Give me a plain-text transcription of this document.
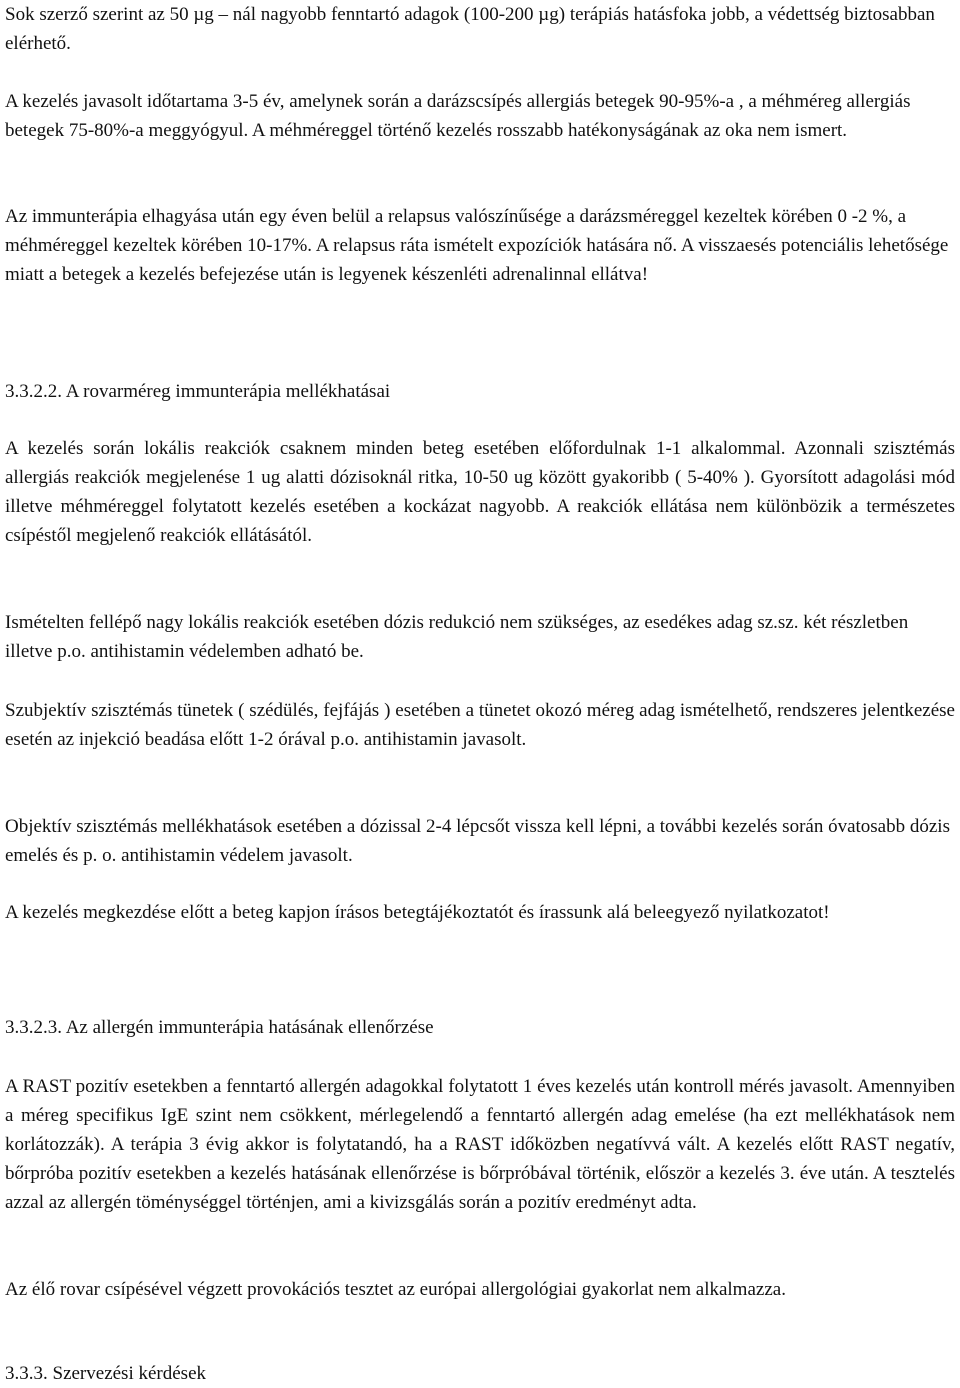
Sok szerző szerint az 50 µg – nál nagyobb fenntartó adagok (100-200 µg) terápiás hatásfoka jobb, a védettség biztosabban elérhető.

A kezelés javasolt időtartama 3-5 év, amelynek során a darázscsípés allergiás betegek 90-95%-a , a méhméreg allergiás betegek 75-80%-a meggyógyul. A méhméreggel történő kezelés rosszabb hatékonyságának az oka nem ismert.

Az immunterápia elhagyása után egy éven belül a relapsus valószínűsége a darázsméreggel kezeltek körében 0 -2 %, a méhméreggel kezeltek körében 10-17%. A relapsus ráta ismételt expozíciók hatására nő. A visszaesés potenciális lehetősége miatt a betegek a kezelés befejezése után is legyenek készenléti adrenalinnal ellátva!

3.3.2.2. A rovarméreg immunterápia mellékhatásai

A kezelés során lokális reakciók csaknem minden beteg esetében előfordulnak 1-1 alkalommal. Azonnali szisztémás allergiás reakciók megjelenése 1 ug alatti dózisoknál ritka, 10-50 ug között gyakoribb ( 5-40% ). Gyorsított adagolási mód illetve méhméreggel folytatott kezelés esetében a kockázat nagyobb. A reakciók ellátása nem különbözik a természetes csípéstől megjelenő reakciók ellátásától.

Ismételten fellépő nagy lokális reakciók esetében dózis redukció nem szükséges, az esedékes adag sz.sz. két részletben illetve p.o. antihistamin védelemben adható be.

Szubjektív szisztémás tünetek ( szédülés, fejfájás ) esetében a tünetet okozó méreg adag ismételhető, rendszeres jelentkezése esetén az injekció beadása előtt 1-2 órával p.o. antihistamin javasolt.

Objektív szisztémás mellékhatások esetében a dózissal 2-4 lépcsőt vissza kell lépni, a további kezelés során óvatosabb dózis emelés és p. o. antihistamin védelem javasolt.

A kezelés megkezdése előtt a beteg kapjon írásos betegtájékoztatót és írassunk alá beleegyező nyilatkozatot!

3.3.2.3. Az allergén immunterápia hatásának ellenőrzése

A RAST pozitív esetekben a fenntartó allergén adagokkal folytatott 1 éves kezelés után kontroll mérés javasolt. Amennyiben a méreg specifikus IgE szint nem csökkent, mérlegelendő a fenntartó allergén adag emelése (ha ezt mellékhatások nem korlátozzák). A terápia 3 évig akkor is folytatandó, ha a RAST időközben negatívvá vált. A kezelés előtt RAST negatív, bőrpróba pozitív esetekben a kezelés hatásának ellenőrzése is bőrpróbával történik, először a kezelés 3. éve után. A tesztelés azzal az allergén töménységgel történjen, ami a kivizsgálás során a pozitív eredményt adta.

Az élő rovar csípésével végzett provokációs tesztet az európai allergológiai gyakorlat nem alkalmazza.

3.3.3. Szervezési kérdések
